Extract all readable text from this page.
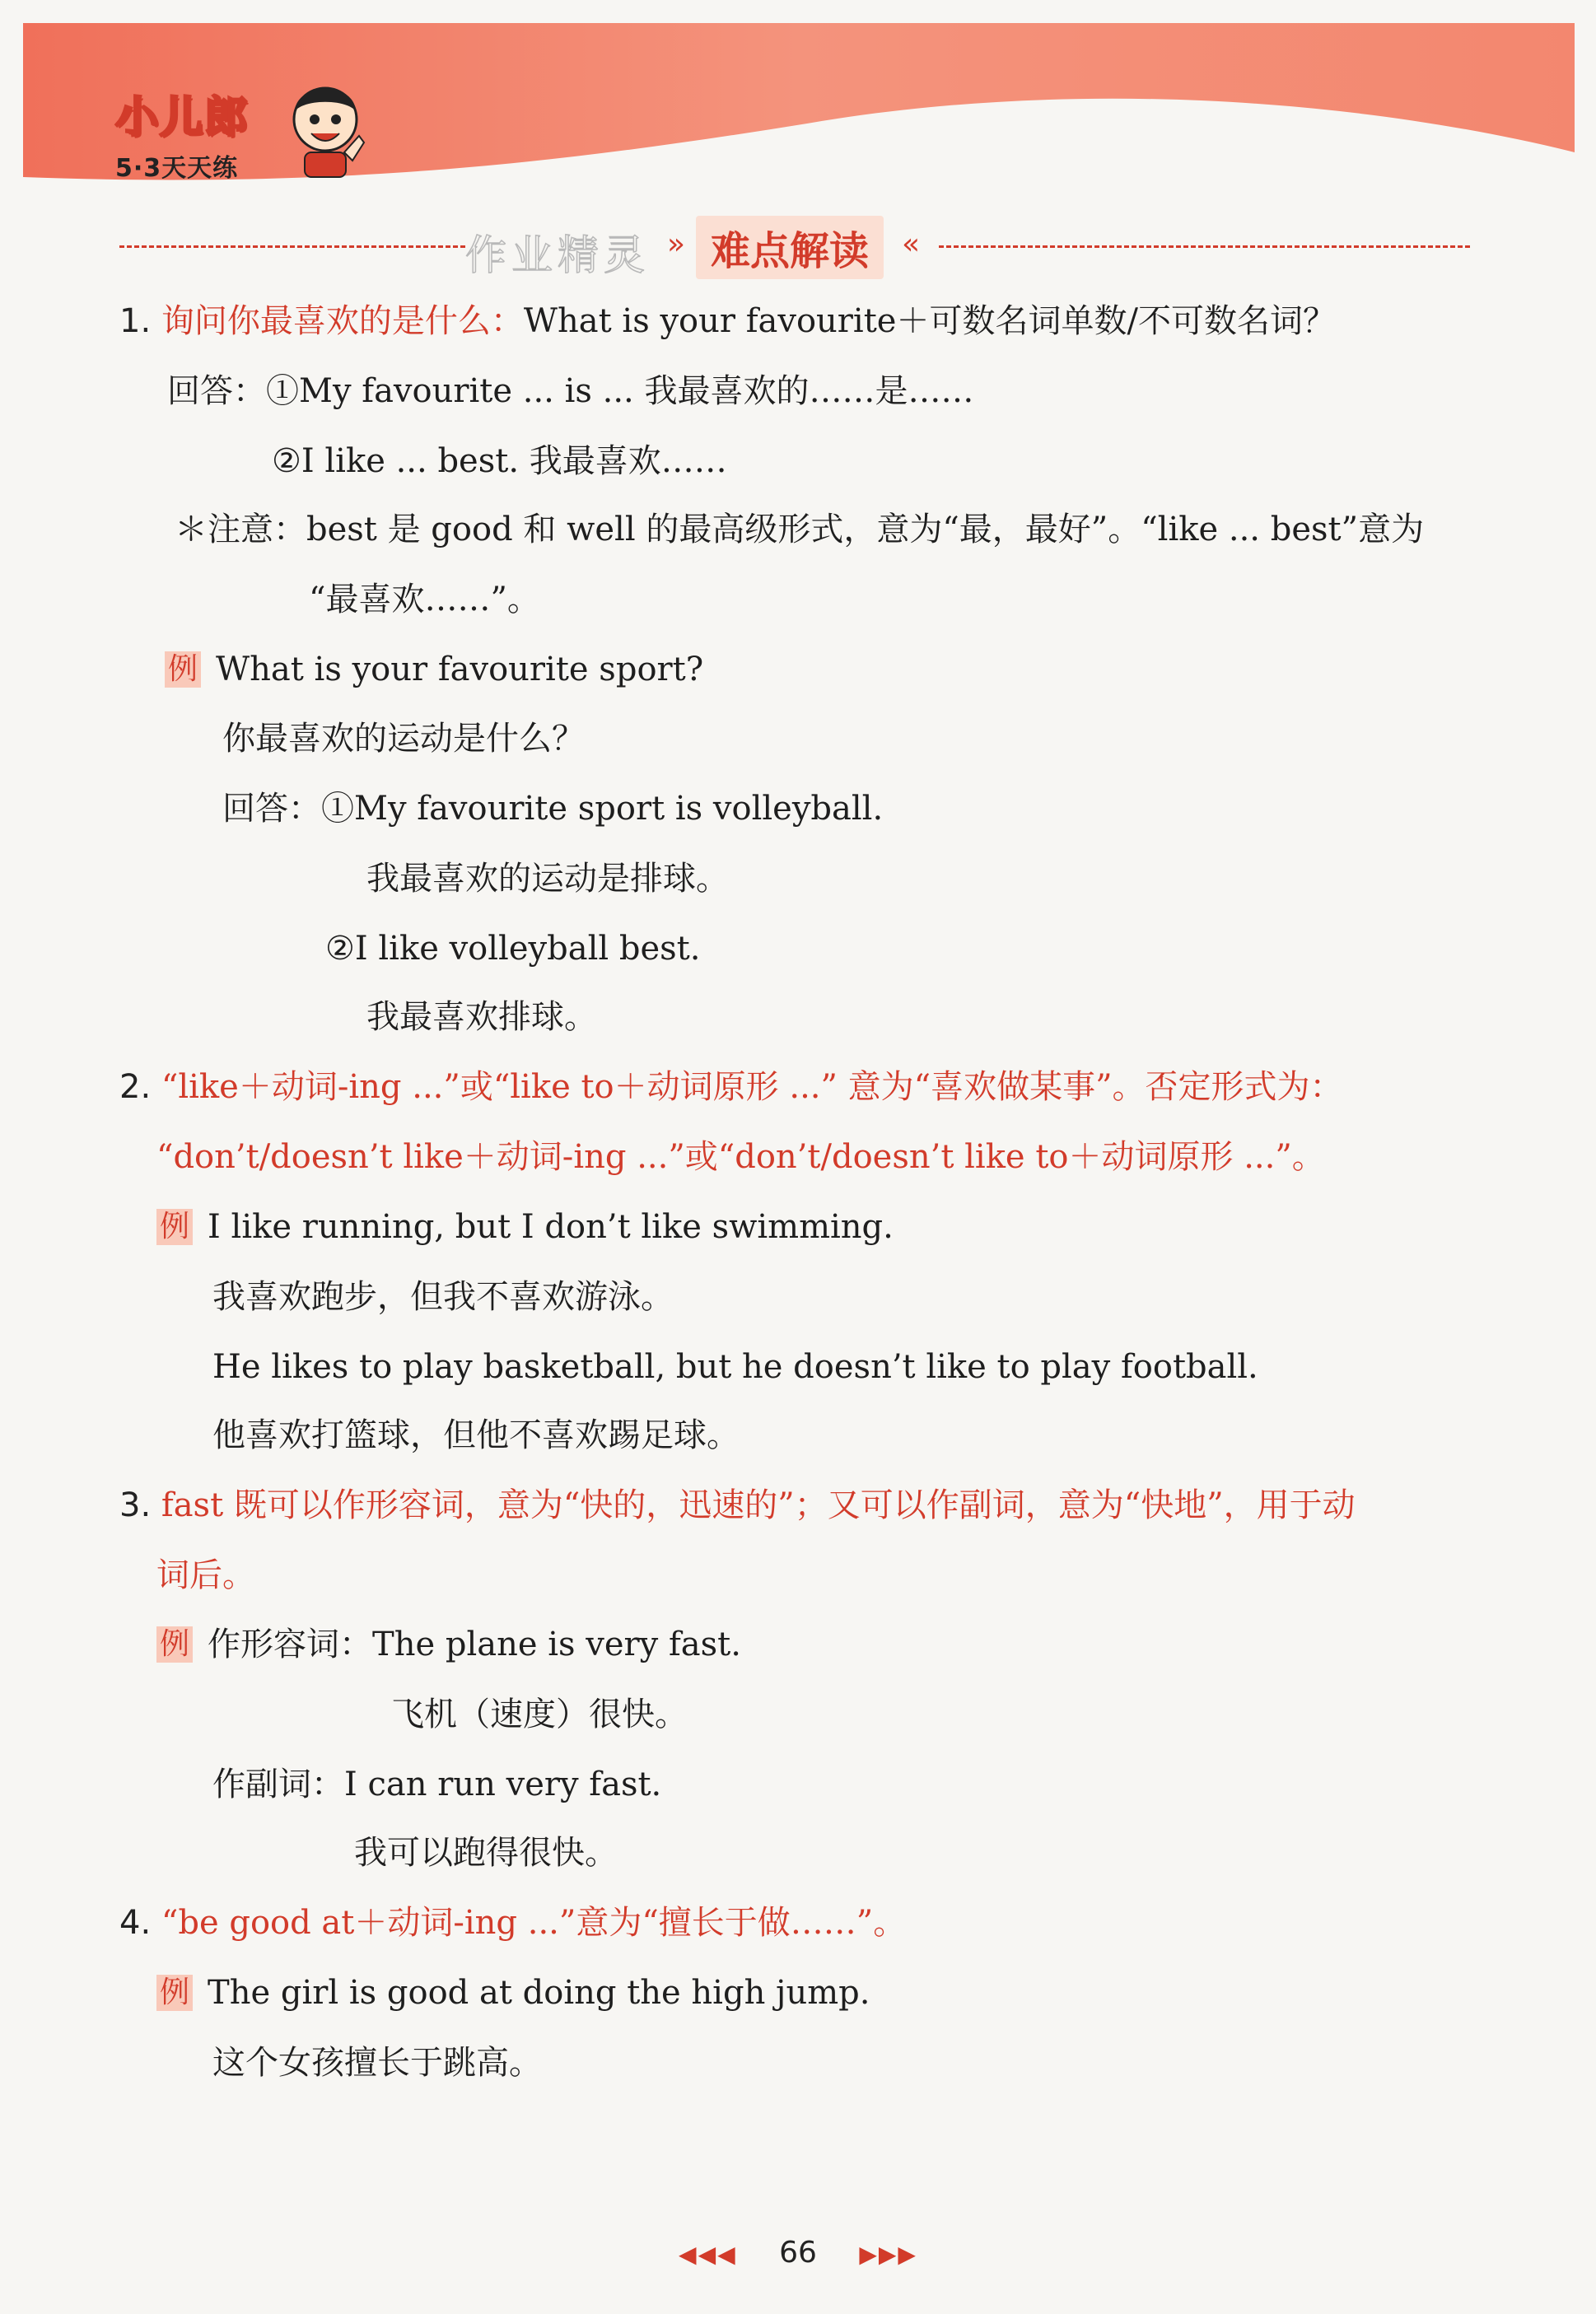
小儿郎
5·3天天练
作业精灵 » 难点解读	«
1. 询问你最喜欢的是什么：What is your favourite＋可数名词单数/不可数名词？
回答：①My favourite ... is ... 我最喜欢的……是……
②I like ... best. 我最喜欢……
＊注意：best 是 good 和 well 的最高级形式，意为“最，最好”。“like ... best”意为
“最喜欢……”。
例 What is your favourite sport?
你最喜欢的运动是什么？
回答：①My favourite sport is volleyball.
我最喜欢的运动是排球。
②I like volleyball best.
我最喜欢排球。
2. “like＋动词-ing ...”或“like to＋动词原形 ...” 意为“喜欢做某事”。否定形式为：
“don’t/doesn’t like＋动词-ing ...”或“don’t/doesn’t like to＋动词原形 ...”。
例 I like running, but I don’t like swimming.
我喜欢跑步，但我不喜欢游泳。
He likes to play basketball, but he doesn’t like to play football.
他喜欢打篮球，但他不喜欢踢足球。
3. fast 既可以作形容词，意为“快的，迅速的”；又可以作副词，意为“快地”，用于动
词后。
例 作形容词：The plane is very fast.
飞机（速度）很快。
作副词：I can run very fast.
我可以跑得很快。
4. “be good at＋动词-ing ...”意为“擅长于做……”。
例 The girl is good at doing the high jump.
这个女孩擅长于跳高。
◀◀◀ 66 ▶▶▶
